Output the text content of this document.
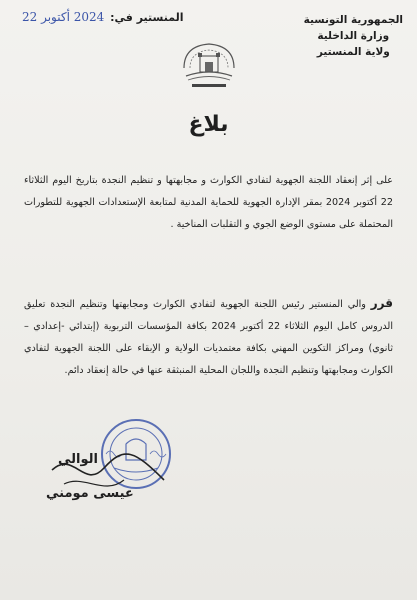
الجمهورية التونسية
وزارة الداخلية
ولاية المنستير
المنستير في: 2024 أكتوبر 22
بلاغ

على إثر إنعقاد اللجنة الجهوية لتفادي الكوارث و مجابهتها و تنظيم النجدة بتاريخ اليوم الثلاثاء 22 أكتوبر 2024 بمقر الإدارة الجهوية للحماية المدنية لمتابعة الإستعدادات الجهوية للتطورات المحتملة على مستوى الوضع الجوي و التقلبات المناخية .

قرر والي المنستير رئيس اللجنة الجهوية لتفادي الكوارث ومجابهتها وتنظيم النجدة تعليق الدروس كامل اليوم الثلاثاء 22 أكتوبر 2024 بكافة المؤسسات التربوية (إبتدائي -إعدادي – ثانوي) ومراكز التكوين المهني بكافة معتمديات الولاية و الإبقاء على اللجنة الجهوية لتفادي الكوارث ومجابهتها وتنظيم النجدة واللجان المحلية المنبثقة عنها في حالة إنعقاد دائم.

الوالي
عيسى مومني
